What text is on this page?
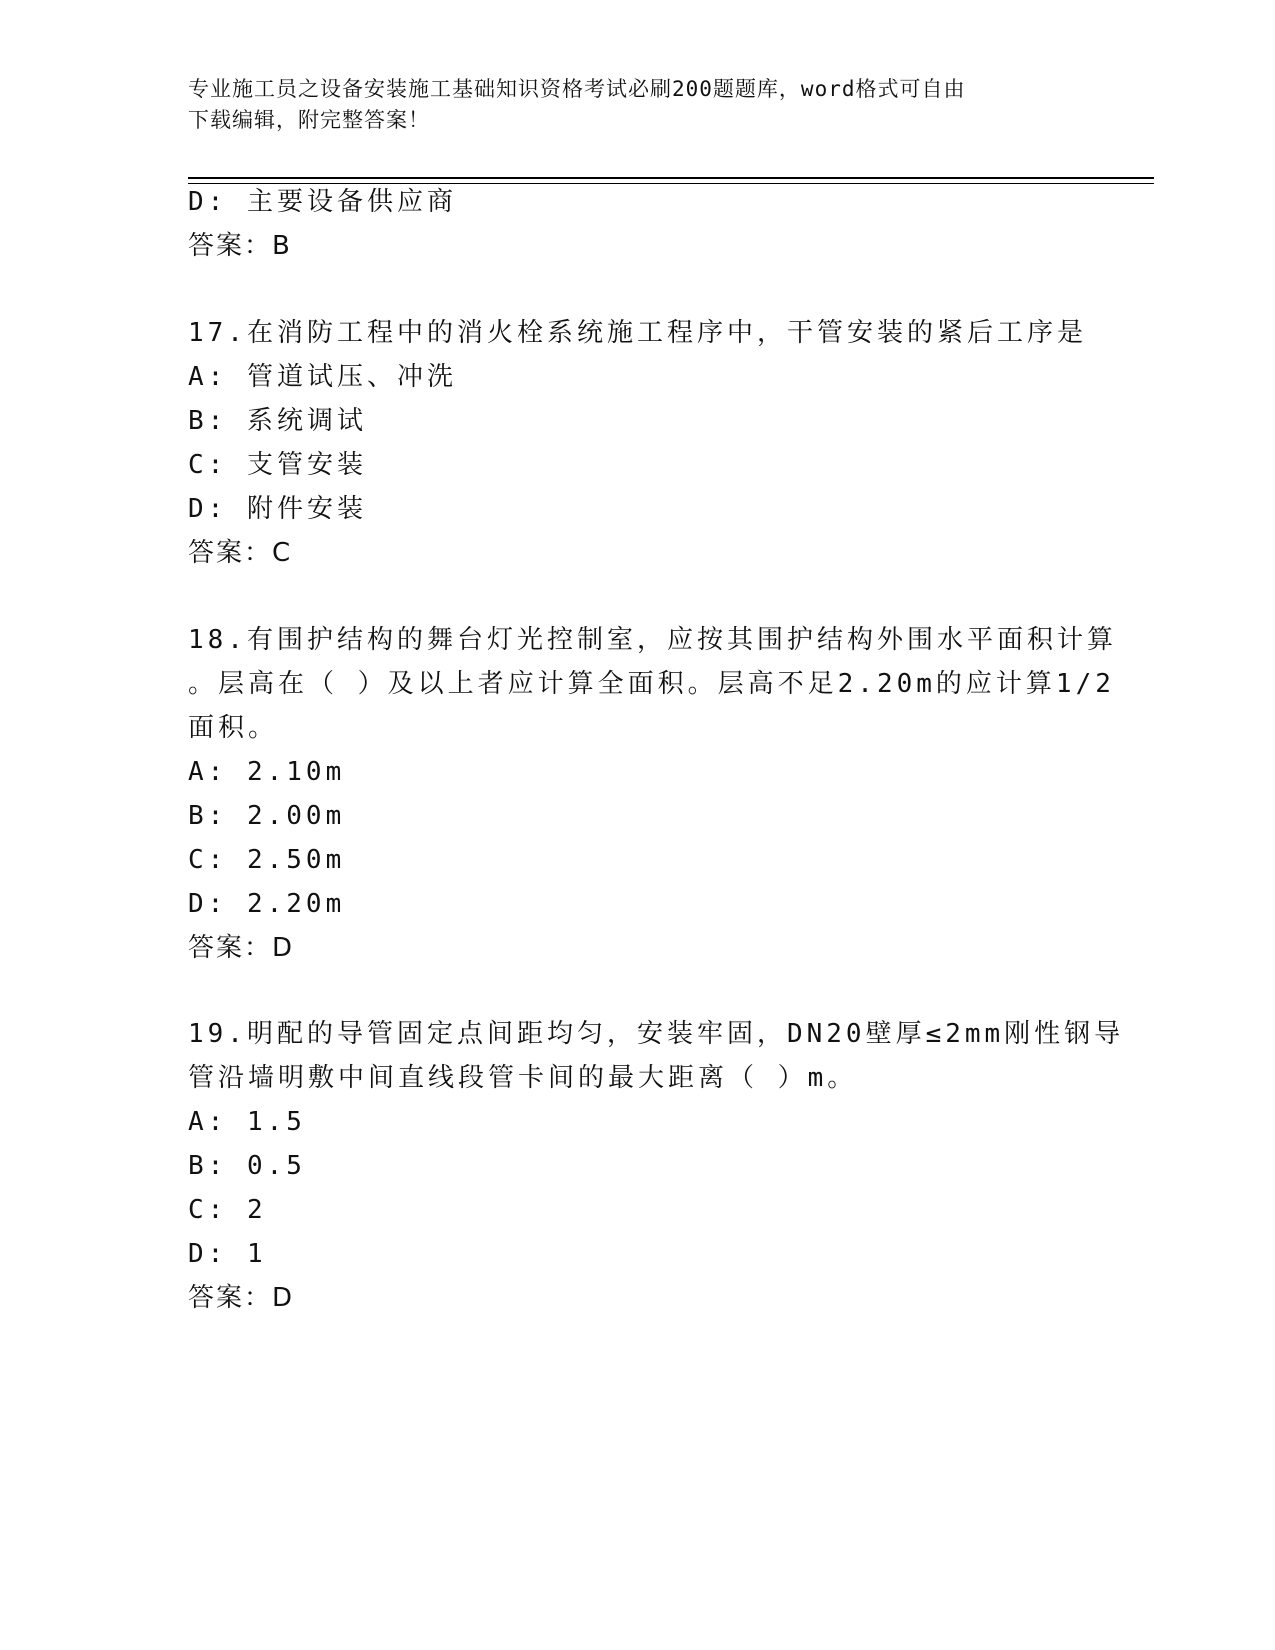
专业施工员之设备安装施工基础知识资格考试必刷200题题库，word格式可自由
下载编辑，附完整答案！
D: 主要设备供应商
答案：B
17.在消防工程中的消火栓系统施工程序中，干管安装的紧后工序是
A: 管道试压、冲洗
B: 系统调试
C: 支管安装
D: 附件安装
答案：C
18.有围护结构的舞台灯光控制室，应按其围护结构外围水平面积计算
。层高在（ ）及以上者应计算全面积。层高不足2.20m的应计算1/2
面积。
A: 2.10m
B: 2.00m
C: 2.50m
D: 2.20m
答案：D
19.明配的导管固定点间距均匀，安装牢固，DN20壁厚≤2mm刚性钢导
管沿墙明敷中间直线段管卡间的最大距离（ ）m。
A: 1.5
B: 0.5
C: 2
D: 1
答案：D
